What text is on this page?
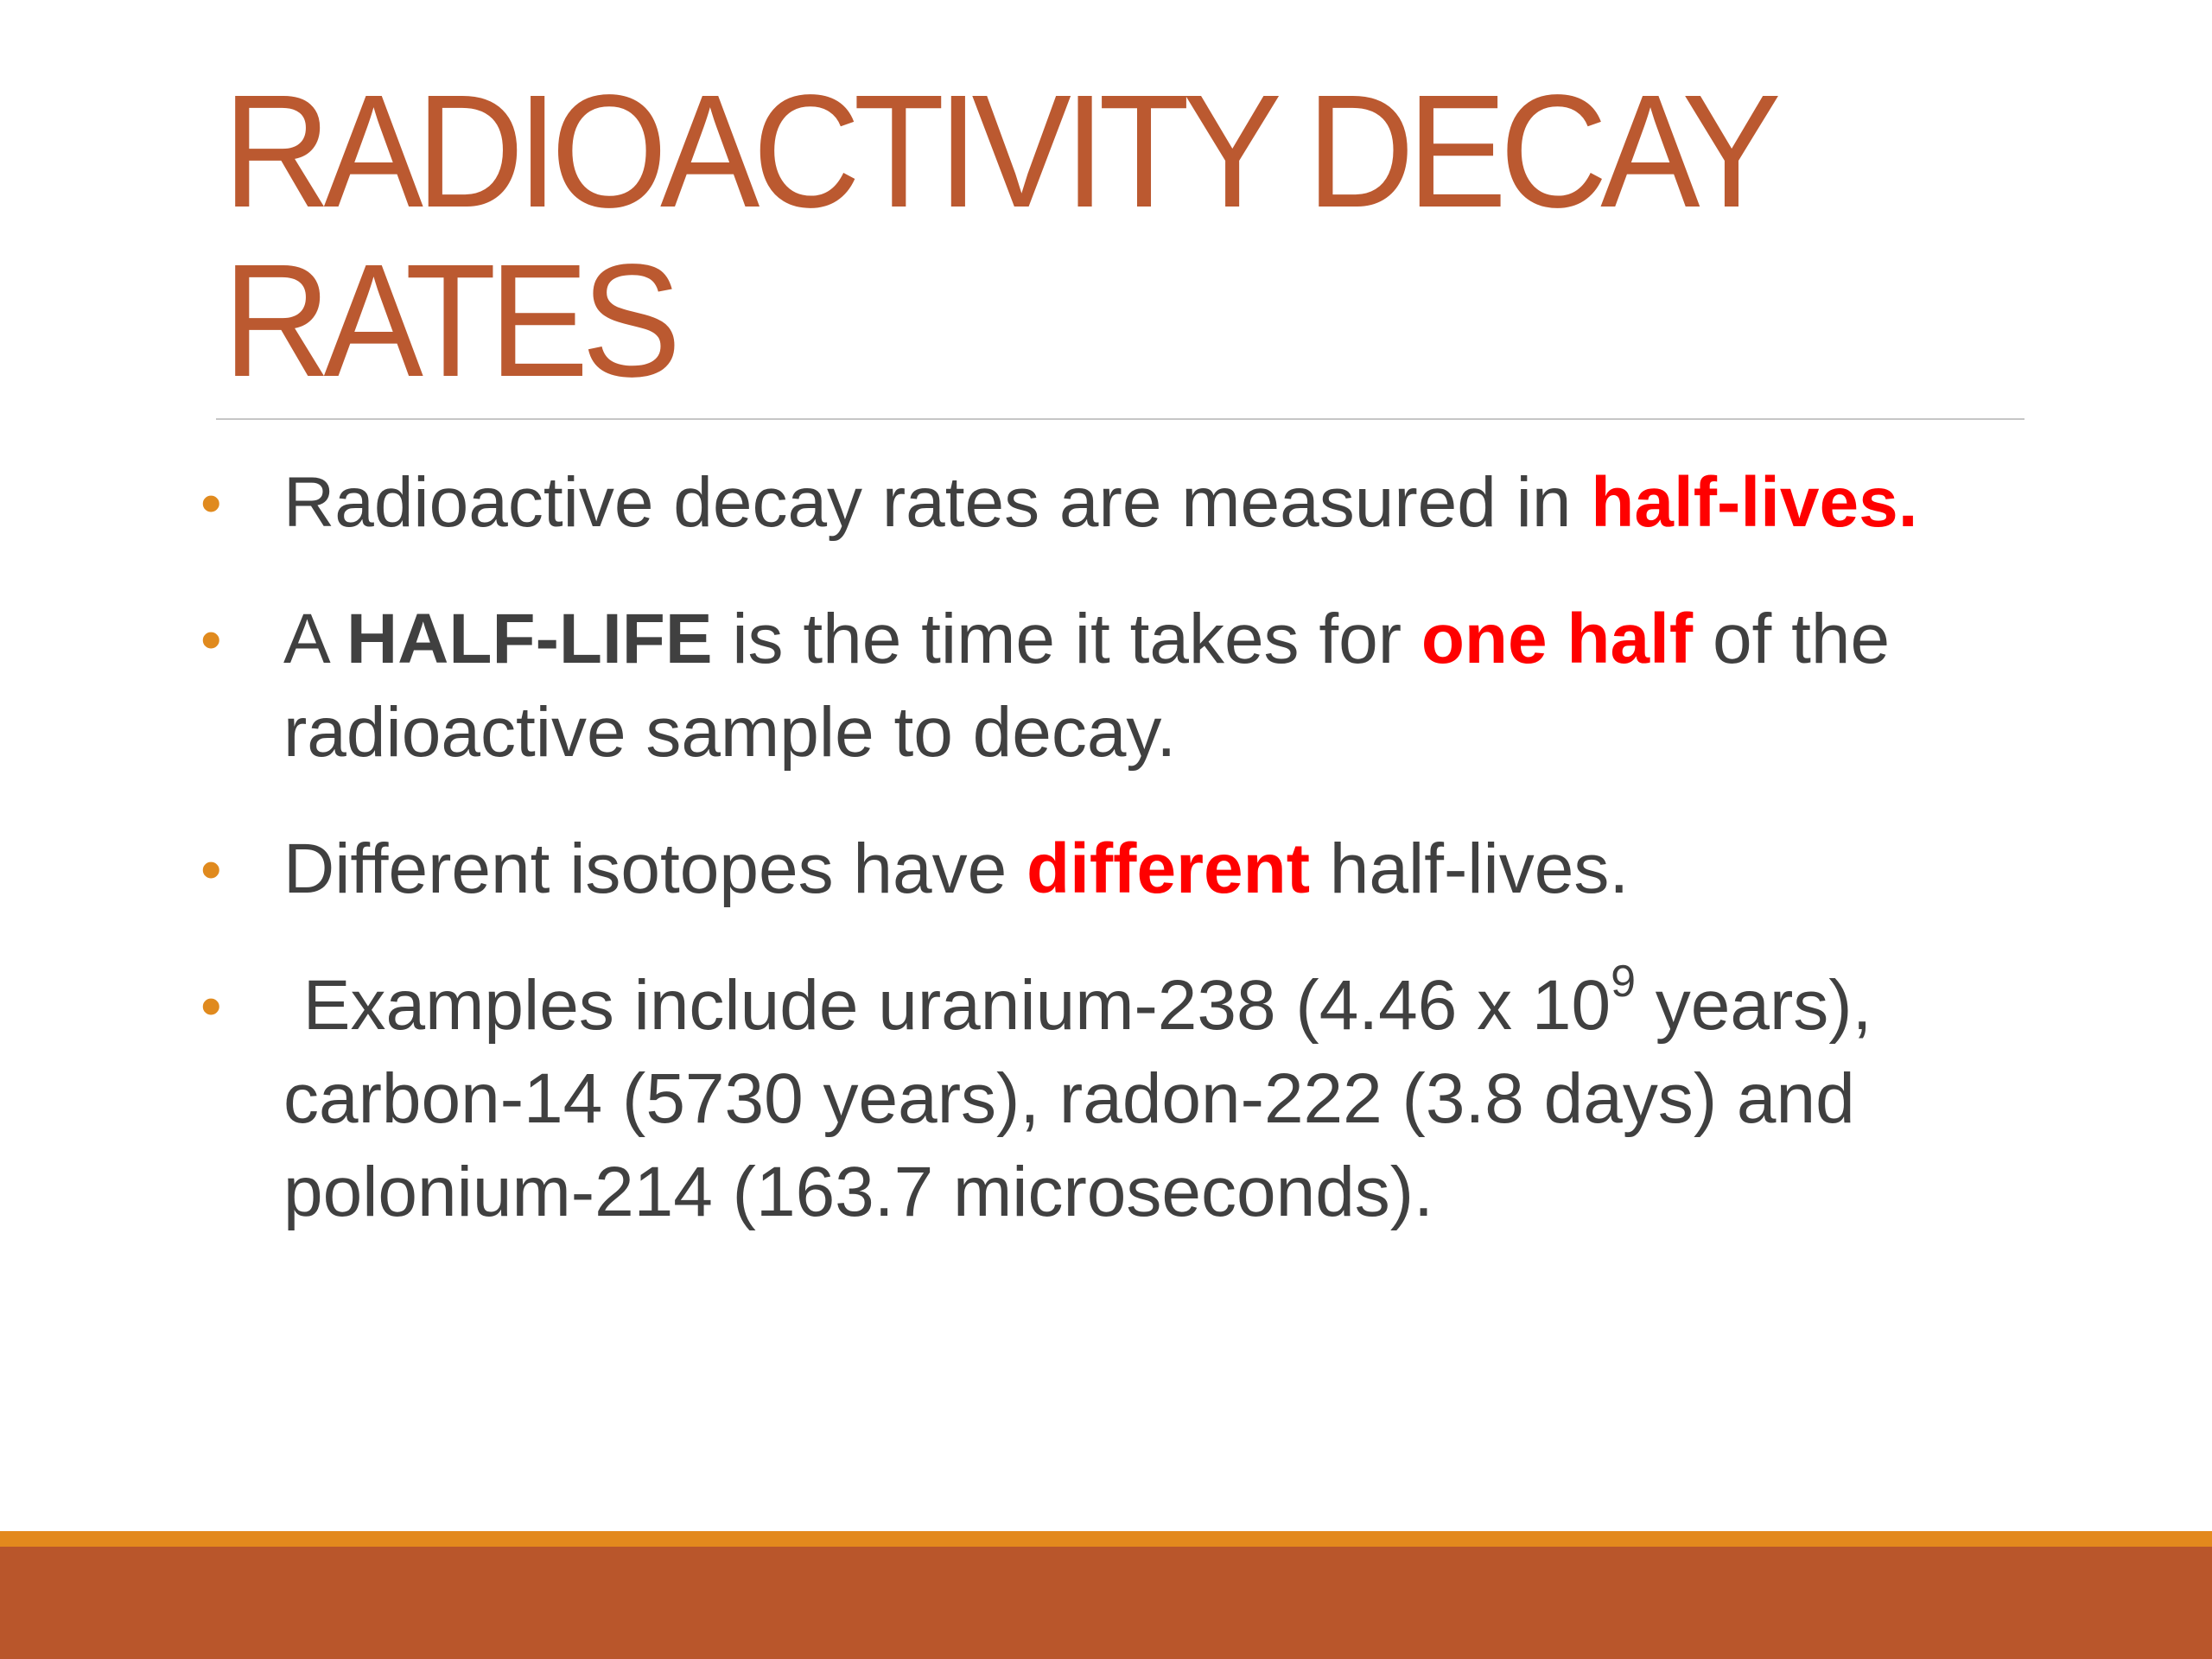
RADIOACTIVITY DECAY RATES
• Radioactive decay rates are measured in half-lives.
• A HALF-LIFE is the time it takes for one half of the radioactive sample to decay.
• Different isotopes have different half-lives.
• Examples include uranium-238 (4.46 x $10^9$ years), carbon-14 (5730 years), radon-222 (3.8 days) and polonium-214 (163.7 microseconds).
